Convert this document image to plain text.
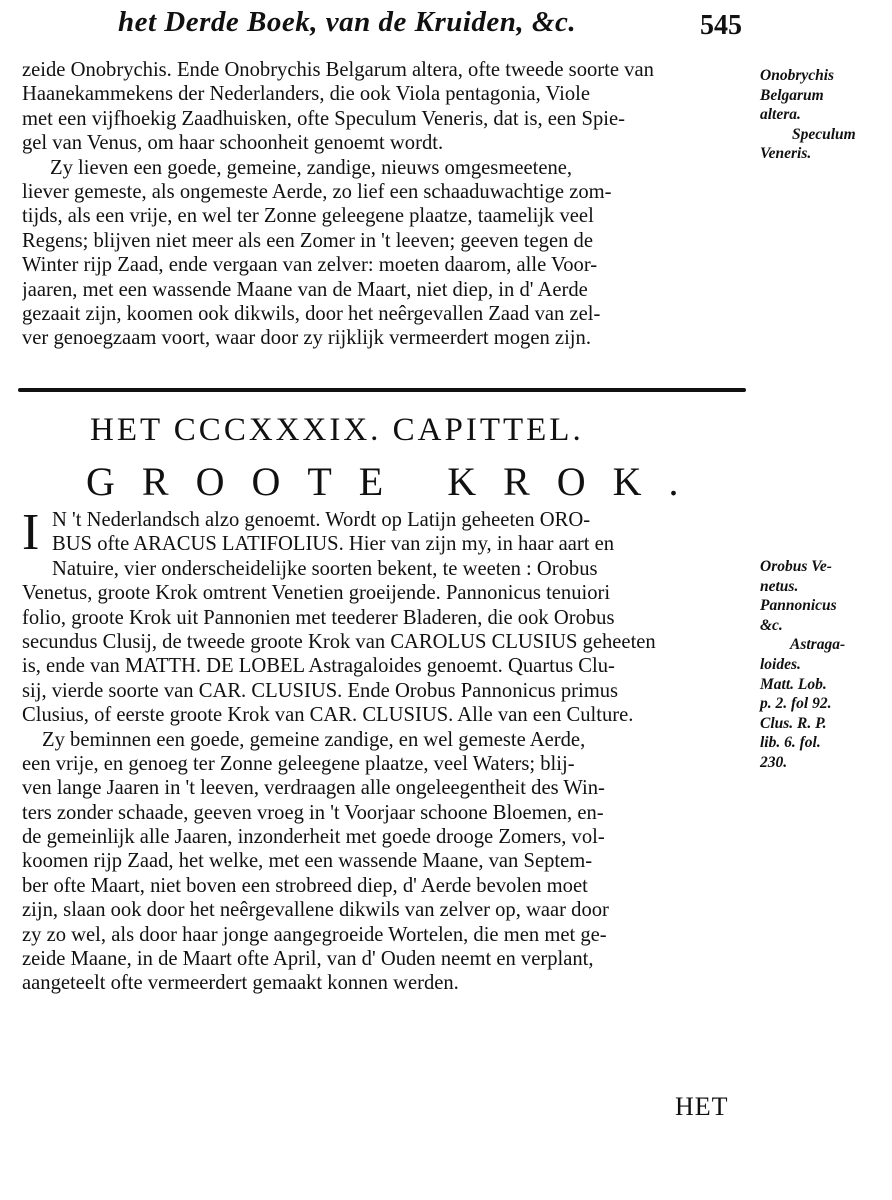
het Derde Boek, van de Kruiden, &c.	545
zeide Onobrychis. Ende Onobrychis Belgarum altera, ofte tweede soorte van
Haanekammekens der Nederlanders, die ook Viola pentagonia, Viole
met een vijfhoekig Zaadhuisken, ofte Speculum Veneris, dat is, een Spie-
gel van Venus, om haar schoonheit genoemt wordt.
Zy lieven een goede, gemeine, zandige, nieuws omgesmeetene,
liever gemeste, als ongemeste Aerde, zo lief een schaaduwachtige zom-
tijds, als een vrije, en wel ter Zonne geleegene plaatze, taamelijk veel
Regens; blijven niet meer als een Zomer in 't leeven; geeven tegen de
Winter rijp Zaad, ende vergaan van zelver: moeten daarom, alle Voor-
jaaren, met een wassende Maane van de Maart, niet diep, in d' Aerde
gezaait zijn, koomen ook dikwils, door het neêrgevallen Zaad van zel-
ver genoegzaam voort, waar door zy rijklijk vermeerdert mogen zijn.
Onobrychis
Belgarum
altera.
Speculum
Veneris.
HET CCCXXXIX. CAPITTEL.
GROOTE KROK.
I N 't Nederlandsch alzo genoemt. Wordt op Latijn geheeten ORO-
BUS ofte ARACUS LATIFOLIUS. Hier van zijn my, in haar aart en
Natuire, vier onderscheidelijke soorten bekent, te weeten : Orobus
Venetus, groote Krok omtrent Venetien groeijende. Pannonicus tenuiori
folio, groote Krok uit Pannonien met teederer Bladeren, die ook Orobus
secundus Clusij, de tweede groote Krok van CAROLUS CLUSIUS geheeten
is, ende van MATTH. DE LOBEL Astragaloides genoemt. Quartus Clu-
sij, vierde soorte van CAR. CLUSIUS. Ende Orobus Pannonicus primus
Clusius, of eerste groote Krok van CAR. CLUSIUS. Alle van een Culture.
Zy beminnen een goede, gemeine zandige, en wel gemeste Aerde,
een vrije, en genoeg ter Zonne geleegene plaatze, veel Waters; blij-
ven lange Jaaren in 't leeven, verdraagen alle ongeleegentheit des Win-
ters zonder schaade, geeven vroeg in 't Voorjaar schoone Bloemen, en-
de gemeinlijk alle Jaaren, inzonderheit met goede drooge Zomers, vol-
koomen rijp Zaad, het welke, met een wassende Maane, van Septem-
ber ofte Maart, niet boven een strobreed diep, d' Aerde bevolen moet
zijn, slaan ook door het neêrgevallene dikwils van zelver op, waar door
zy zo wel, als door haar jonge aangegroeide Wortelen, die men met ge-
zeide Maane, in de Maart ofte April, van d' Ouden neemt en verplant,
aangeteelt ofte vermeerdert gemaakt konnen werden.
Orobus Ve-
netus.
Pannonicus
&c.
Astraga-
loides.
Matt. Lob.
p. 2. fol 92.
Clus. R. P.
lib. 6. fol.
230.
HET
